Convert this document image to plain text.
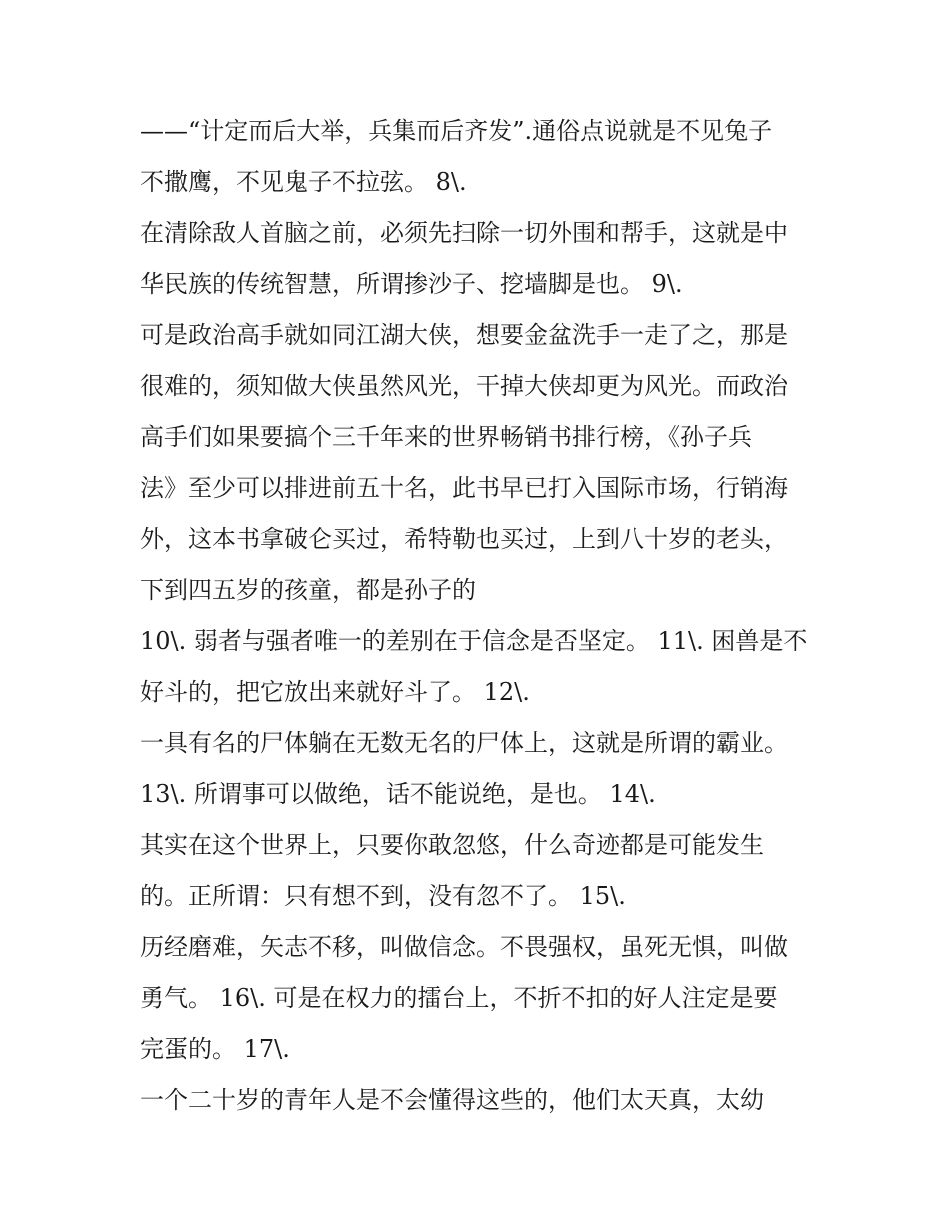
——“计定而后大举，兵集而后齐发”.通俗点说就是不见兔子
不撒鹰，不见鬼子不拉弦。 8\.
在清除敌人首脑之前，必须先扫除一切外围和帮手，这就是中
华民族的传统智慧，所谓掺沙子、挖墙脚是也。 9\.
可是政治高手就如同江湖大侠，想要金盆洗手一走了之，那是
很难的，须知做大侠虽然风光，干掉大侠却更为风光。而政治
高手们如果要搞个三千年来的世界畅销书排行榜，《孙子兵
法》至少可以排进前五十名，此书早已打入国际市场，行销海
外，这本书拿破仑买过，希特勒也买过，上到八十岁的老头，
下到四五岁的孩童，都是孙子的
10\. 弱者与强者唯一的差别在于信念是否坚定。 11\. 困兽是不
好斗的，把它放出来就好斗了。 12\.
一具有名的尸体躺在无数无名的尸体上，这就是所谓的霸业。
13\. 所谓事可以做绝，话不能说绝，是也。 14\.
其实在这个世界上，只要你敢忽悠，什么奇迹都是可能发生
的。正所谓：只有想不到，没有忽不了。 15\.
历经磨难，矢志不移，叫做信念。不畏强权，虽死无惧，叫做
勇气。 16\. 可是在权力的擂台上，不折不扣的好人注定是要
完蛋的。 17\.
一个二十岁的青年人是不会懂得这些的，他们太天真，太幼
